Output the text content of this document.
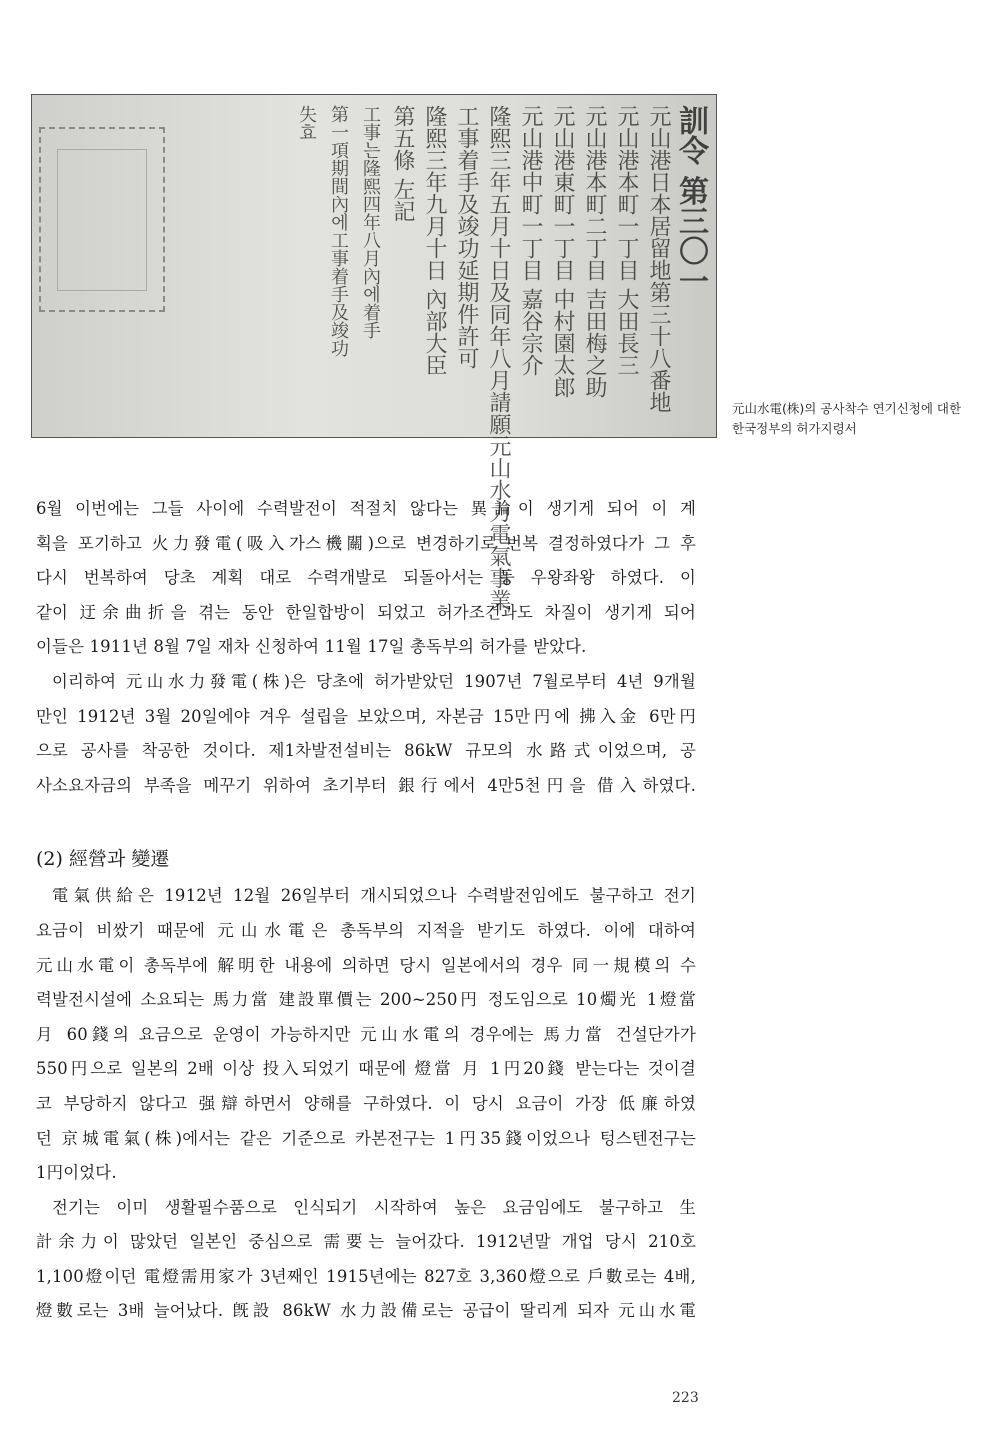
訓令 第三〇一
元山港日本居留地第三十八番地
元山港本町一丁目 大田長三
元山港本町二丁目 吉田梅之助
元山港東町一丁目 中村園太郎
元山港中町一丁目 嘉谷宗介
隆熙三年五月十日及同年八月請願元山水力電氣事業
工事着手及竣功延期件許可
隆熙三年九月十日 內部大臣
第五條 左記
工事는隆熙四年八月內에着手
第一項期間內에工事着手及竣功
失효
元山水電(株)의 공사착수 연기신청에 대한
한국정부의 허가지령서
6월 이번에는 그들 사이에 수력발전이 적절치 않다는 異論이 생기게 되어 이 계
획을 포기하고 火力發電(吸入가스機關)으로 변경하기로 번복 결정하였다가 그 후
다시 번복하여 당초 계획 대로 수력개발로 되돌아서는 등 우왕좌왕 하였다. 이
같이 迂余曲折을 겪는 동안 한일합방이 되었고 허가조건과도 차질이 생기게 되어
이들은 1911년 8월 7일 재차 신청하여 11월 17일 총독부의 허가를 받았다.
이리하여 元山水力發電(株)은 당초에 허가받았던 1907년 7월로부터 4년 9개월
만인 1912년 3월 20일에야 겨우 설립을 보았으며, 자본금 15만円에 拂入金 6만円
으로 공사를 착공한 것이다. 제1차발전설비는 86kW 규모의 水路式이었으며, 공
사소요자금의 부족을 메꾸기 위하여 초기부터 銀行에서 4만5천円을 借入하였다.
(2) 經營과 變遷
電氣供給은 1912년 12월 26일부터 개시되었으나 수력발전임에도 불구하고 전기
요금이 비쌌기 때문에 元山水電은 총독부의 지적을 받기도 하였다. 이에 대하여
元山水電이 총독부에 解明한 내용에 의하면 당시 일본에서의 경우 同一規模의 수
력발전시설에 소요되는 馬力當 建設單價는 200~250円 정도임으로 10燭光 1燈當
月 60錢의 요금으로 운영이 가능하지만 元山水電의 경우에는 馬力當 건설단가가
550円으로 일본의 2배 이상 投入되었기 때문에 燈當 月 1円20錢 받는다는 것이결
코 부당하지 않다고 强辯하면서 양해를 구하였다. 이 당시 요금이 가장 低廉하였
던 京城電氣(株)에서는 같은 기준으로 카본전구는 1円35錢이었으나 텅스텐전구는
1円이었다.
전기는 이미 생활필수품으로 인식되기 시작하여 높은 요금임에도 불구하고 生
計余力이 많았던 일본인 중심으로 需要는 늘어갔다. 1912년말 개업 당시 210호
1,100燈이던 電燈需用家가 3년째인 1915년에는 827호 3,360燈으로 戶數로는 4배,
燈數로는 3배 늘어났다. 旣設 86kW 水力設備로는 공급이 딸리게 되자 元山水電
223
